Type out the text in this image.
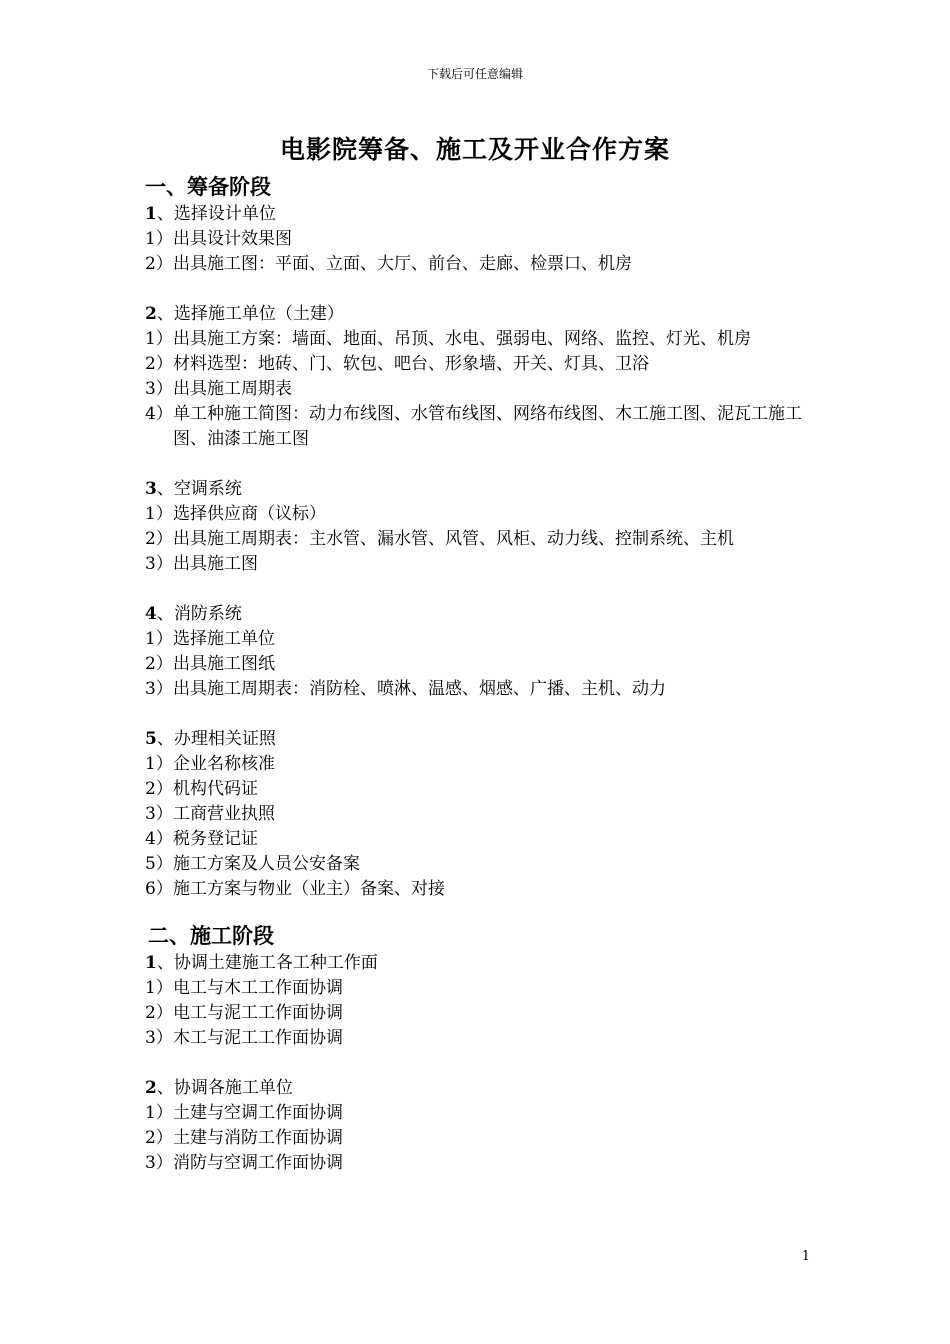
下载后可任意编辑
电影院筹备、施工及开业合作方案
一、筹备阶段
1、选择设计单位
1） 出具设计效果图
2） 出具施工图：平面、立面、大厅、前台、走廊、检票口、机房
2、选择施工单位（土建）
1） 出具施工方案：墙面、地面、吊顶、水电、强弱电、网络、监控、灯光、机房
2） 材料选型：地砖、门、软包、吧台、形象墙、开关、灯具、卫浴
3） 出具施工周期表
4） 单工种施工简图：动力布线图、水管布线图、网络布线图、木工施工图、泥瓦工施工图、油漆工施工图
3、空调系统
1） 选择供应商（议标）
2） 出具施工周期表：主水管、漏水管、风管、风柜、动力线、控制系统、主机
3） 出具施工图
4、消防系统
1） 选择施工单位
2） 出具施工图纸
3） 出具施工周期表：消防栓、喷淋、温感、烟感、广播、主机、动力
5、办理相关证照
1） 企业名称核准
2） 机构代码证
3） 工商营业执照
4） 税务登记证
5） 施工方案及人员公安备案
6） 施工方案与物业（业主）备案、对接
二、施工阶段
1、协调土建施工各工种工作面
1） 电工与木工工作面协调
2） 电工与泥工工作面协调
3） 木工与泥工工作面协调
2、协调各施工单位
1） 土建与空调工作面协调
2） 土建与消防工作面协调
3） 消防与空调工作面协调
1
